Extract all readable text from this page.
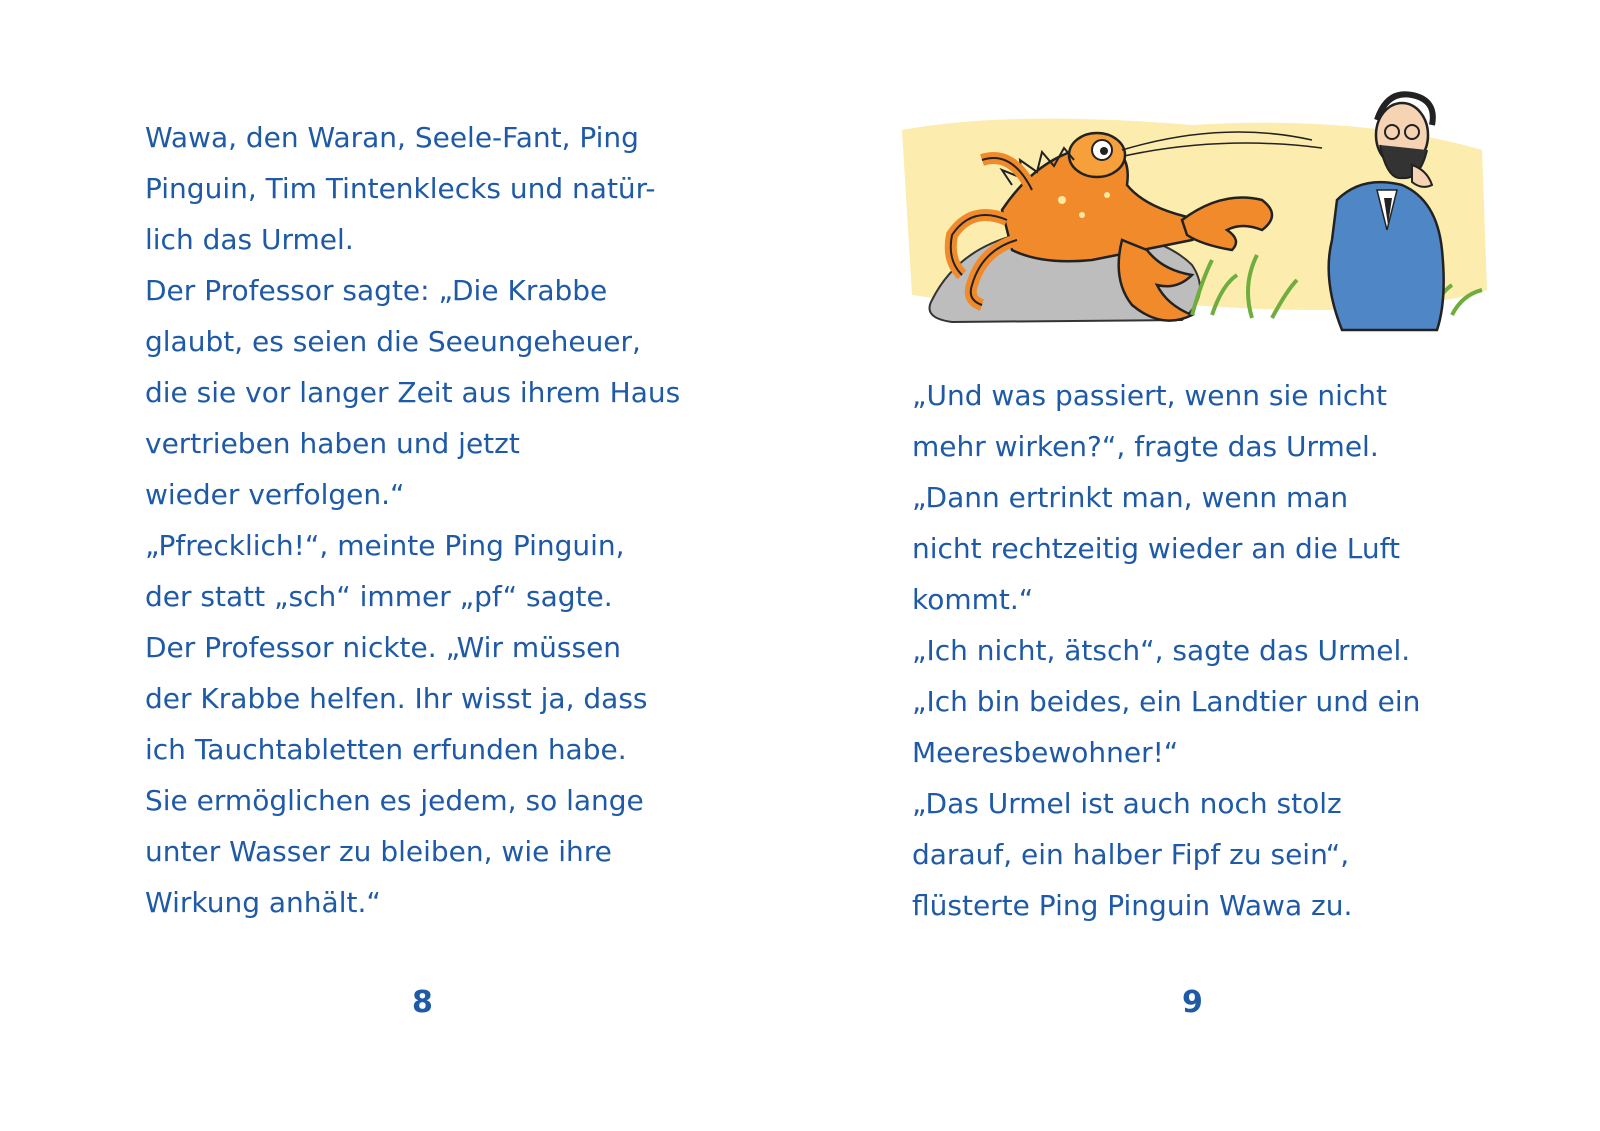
Wawa, den Waran, Seele-Fant, Ping
Pinguin, Tim Tintenklecks und natür-
lich das Urmel.
Der Professor sagte: „Die Krabbe
glaubt, es seien die Seeungeheuer,
die sie vor langer Zeit aus ihrem Haus
vertrieben haben und jetzt
wieder verfolgen.“
„Pfrecklich!“, meinte Ping Pinguin,
der statt „sch“ immer „pf“ sagte.
Der Professor nickte. „Wir müssen
der Krabbe helfen. Ihr wisst ja, dass
ich Tauchtabletten erfunden habe.
Sie ermöglichen es jedem, so lange
unter Wasser zu bleiben, wie ihre
Wirkung anhält.“
8
„Und was passiert, wenn sie nicht
mehr wirken?“, fragte das Urmel.
„Dann ertrinkt man, wenn man
nicht rechtzeitig wieder an die Luft
kommt.“
„Ich nicht, ätsch“, sagte das Urmel.
„Ich bin beides, ein Landtier und ein
Meeresbewohner!“
„Das Urmel ist auch noch stolz
darauf, ein halber Fipf zu sein“,
flüsterte Ping Pinguin Wawa zu.
9
